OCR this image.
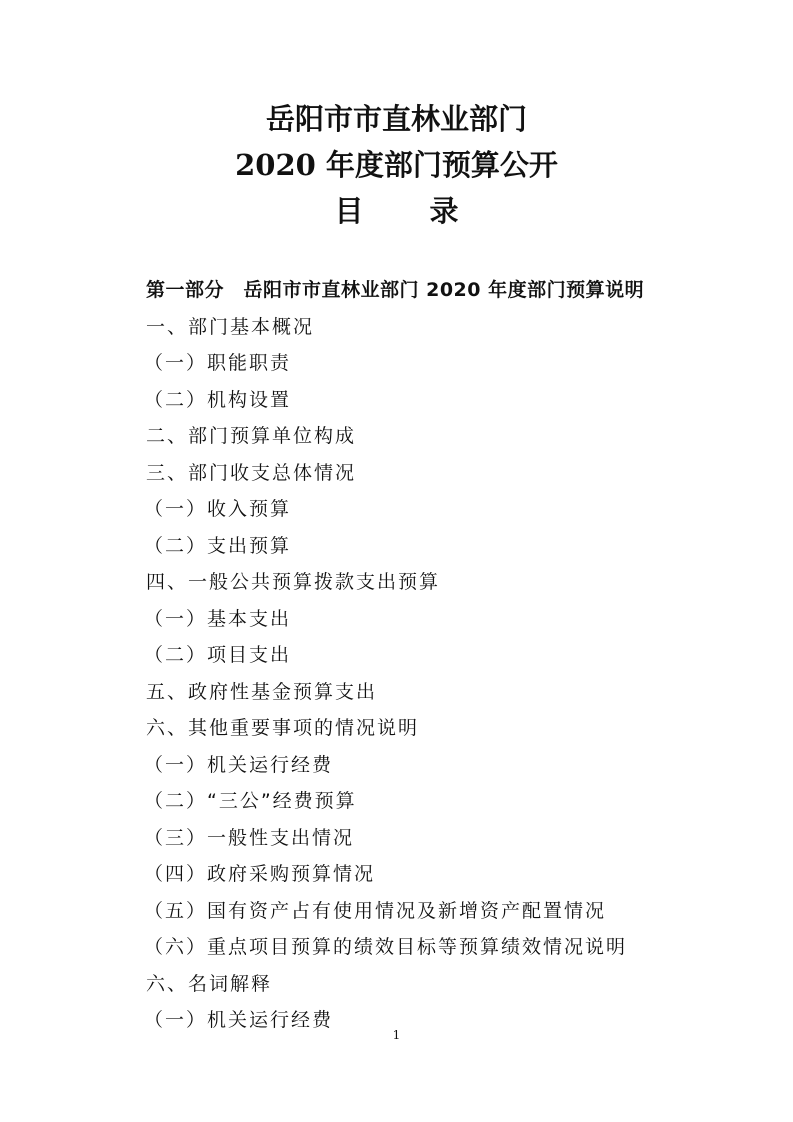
岳阳市市直林业部门
2020 年度部门预算公开
目 录
第一部分　岳阳市市直林业部门 2020 年度部门预算说明
一、部门基本概况
（一）职能职责
（二）机构设置
二、部门预算单位构成
三、部门收支总体情况
（一）收入预算
（二）支出预算
四、一般公共预算拨款支出预算
（一）基本支出
（二）项目支出
五、政府性基金预算支出
六、其他重要事项的情况说明
（一）机关运行经费
（二）“三公”经费预算
（三）一般性支出情况
（四）政府采购预算情况
（五）国有资产占有使用情况及新增资产配置情况
（六）重点项目预算的绩效目标等预算绩效情况说明
六、名词解释
（一）机关运行经费
1
